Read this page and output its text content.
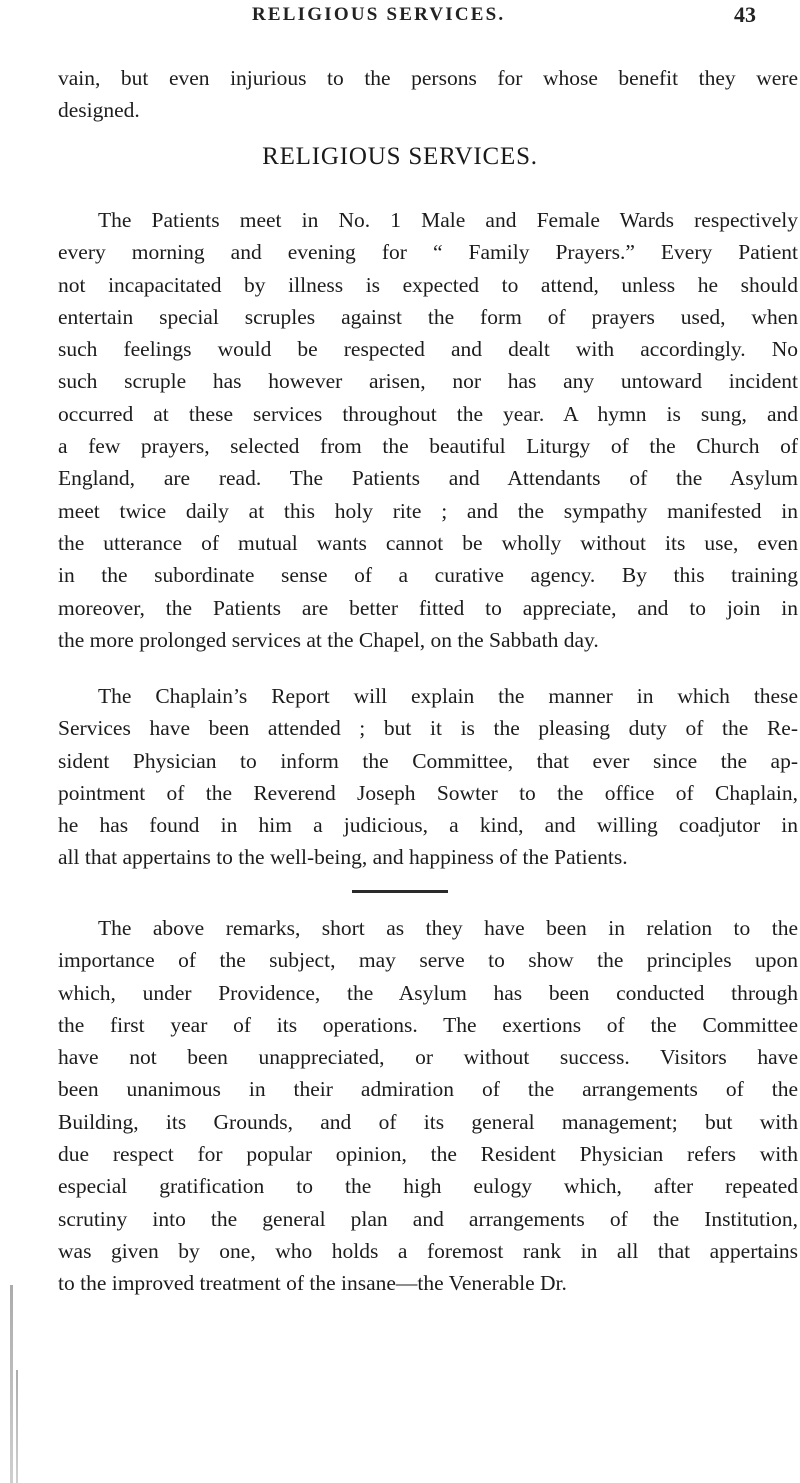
RELIGIOUS SERVICES.	43
vain, but even injurious to the persons for whose benefit they were
designed.
RELIGIOUS SERVICES.
The Patients meet in No. 1 Male and Female Wards respectively
every morning and evening for “ Family Prayers.” Every Patient
not incapacitated by illness is expected to attend, unless he should
entertain special scruples against the form of prayers used, when
such feelings would be respected and dealt with accordingly. No
such scruple has however arisen, nor has any untoward incident
occurred at these services throughout the year. A hymn is sung, and
a few prayers, selected from the beautiful Liturgy of the Church of
England, are read. The Patients and Attendants of the Asylum
meet twice daily at this holy rite ; and the sympathy manifested in
the utterance of mutual wants cannot be wholly without its use, even
in the subordinate sense of a curative agency. By this training
moreover, the Patients are better fitted to appreciate, and to join in
the more prolonged services at the Chapel, on the Sabbath day.
The Chaplain’s Report will explain the manner in which these
Services have been attended ; but it is the pleasing duty of the Re-
sident Physician to inform the Committee, that ever since the ap-
pointment of the Reverend Joseph Sowter to the office of Chaplain,
he has found in him a judicious, a kind, and willing coadjutor in
all that appertains to the well-being, and happiness of the Patients.
The above remarks, short as they have been in relation to the
importance of the subject, may serve to show the principles upon
which, under Providence, the Asylum has been conducted through
the first year of its operations. The exertions of the Committee
have not been unappreciated, or without success. Visitors have
been unanimous in their admiration of the arrangements of the
Building, its Grounds, and of its general management; but with
due respect for popular opinion, the Resident Physician refers with
especial gratification to the high eulogy which, after repeated
scrutiny into the general plan and arrangements of the Institution,
was given by one, who holds a foremost rank in all that appertains
to the improved treatment of the insane—the Venerable Dr.
